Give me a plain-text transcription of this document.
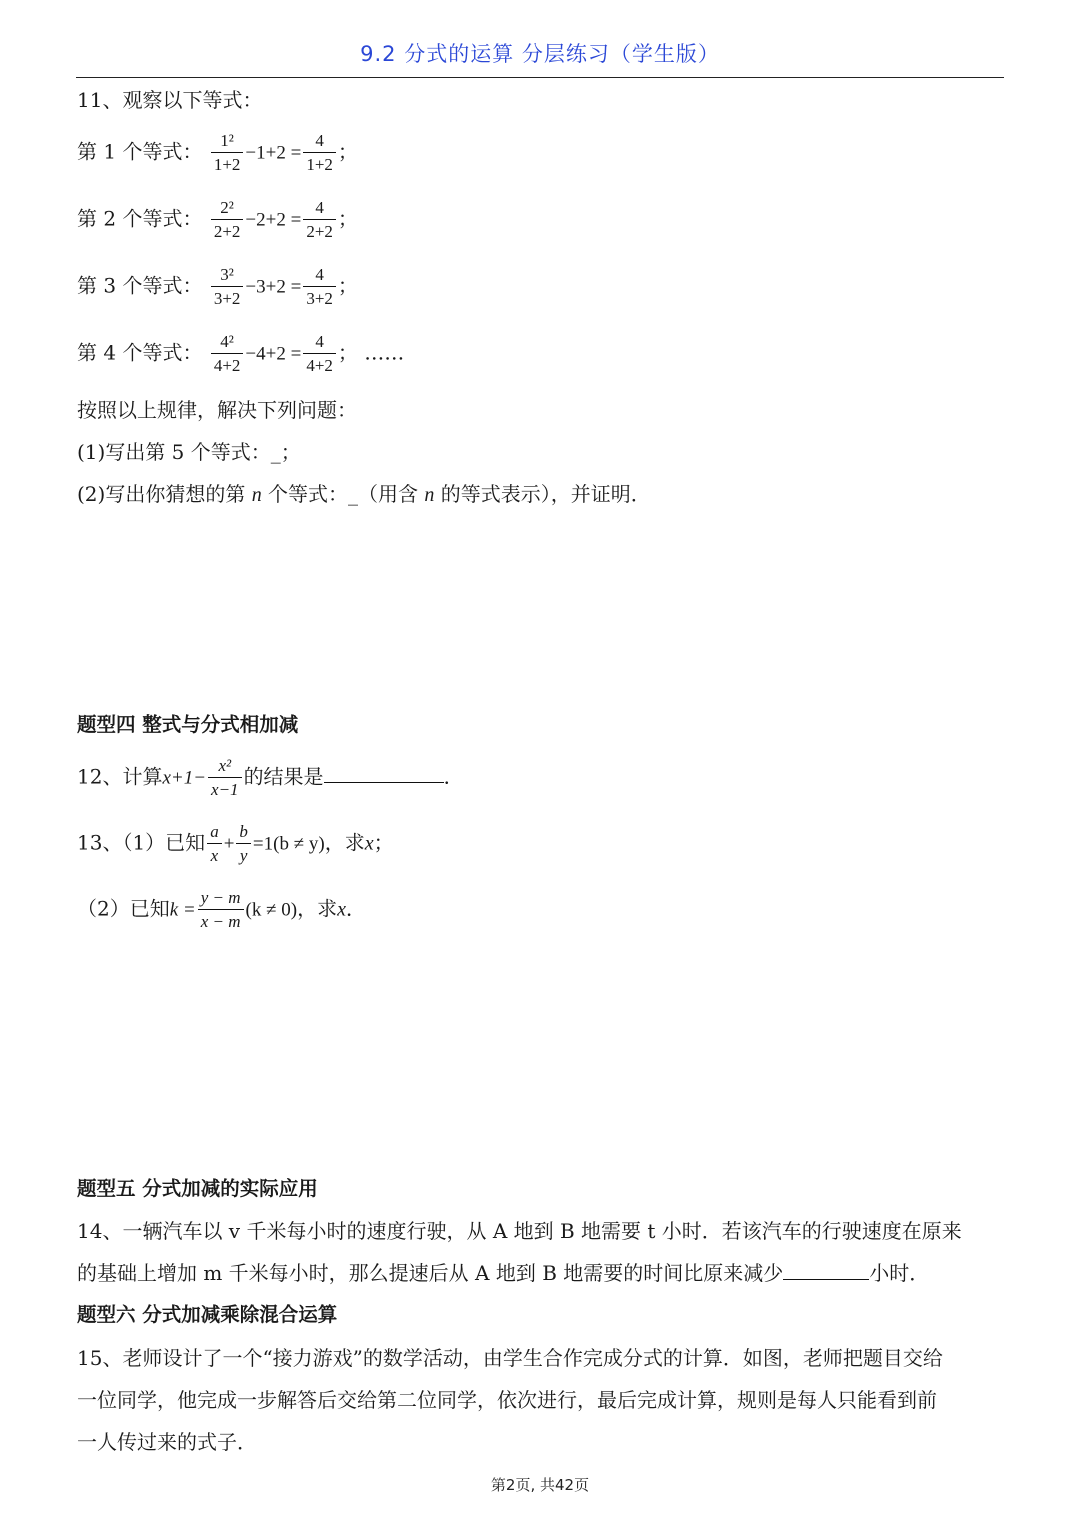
9.2 分式的运算 分层练习（学生版）
11、观察以下等式：
第 1 个等式： $\frac{\text{1²}}{1+2} -1+2 = \frac{4}{1+2}$ ；
第 2 个等式： $\frac{\text{2²}}{2+2} -2+2 = \frac{4}{2+2}$ ；
第 3 个等式： $\frac{\text{3²}}{3+2} -3+2 = \frac{4}{3+2}$ ；
第 4 个等式： $\frac{\text{4²}}{4+2} -4+2 = \frac{4}{4+2}$ ； ……
按照以上规律，解决下列问题：
(1)写出第 5 个等式：_；
(2)写出你猜想的第 n 个等式：_（用含 n 的等式表示），并证明．
题型四 整式与分式相加减
12、计算$x+1- \frac{\text{x²}}{x-1}$ 的结果是	．
13、（1）已知 $\frac{a}{x} + \frac{b}{y} =1(b \ne y)$，求x；
（2）已知$k = \frac{y - m}{x - m} (k \ne 0)$，求x．
题型五 分式加减的实际应用
14、一辆汽车以 v 千米每小时的速度行驶，从 A 地到 B 地需要 t 小时．若该汽车的行驶速度在原来
的基础上增加 m 千米每小时，那么提速后从 A 地到 B 地需要的时间比原来减少	小时．
题型六 分式加减乘除混合运算
15、老师设计了一个“接力游戏”的数学活动，由学生合作完成分式的计算．如图，老师把题目交给
一位同学，他完成一步解答后交给第二位同学，依次进行，最后完成计算，规则是每人只能看到前
一人传过来的式子．
第2页, 共42页
